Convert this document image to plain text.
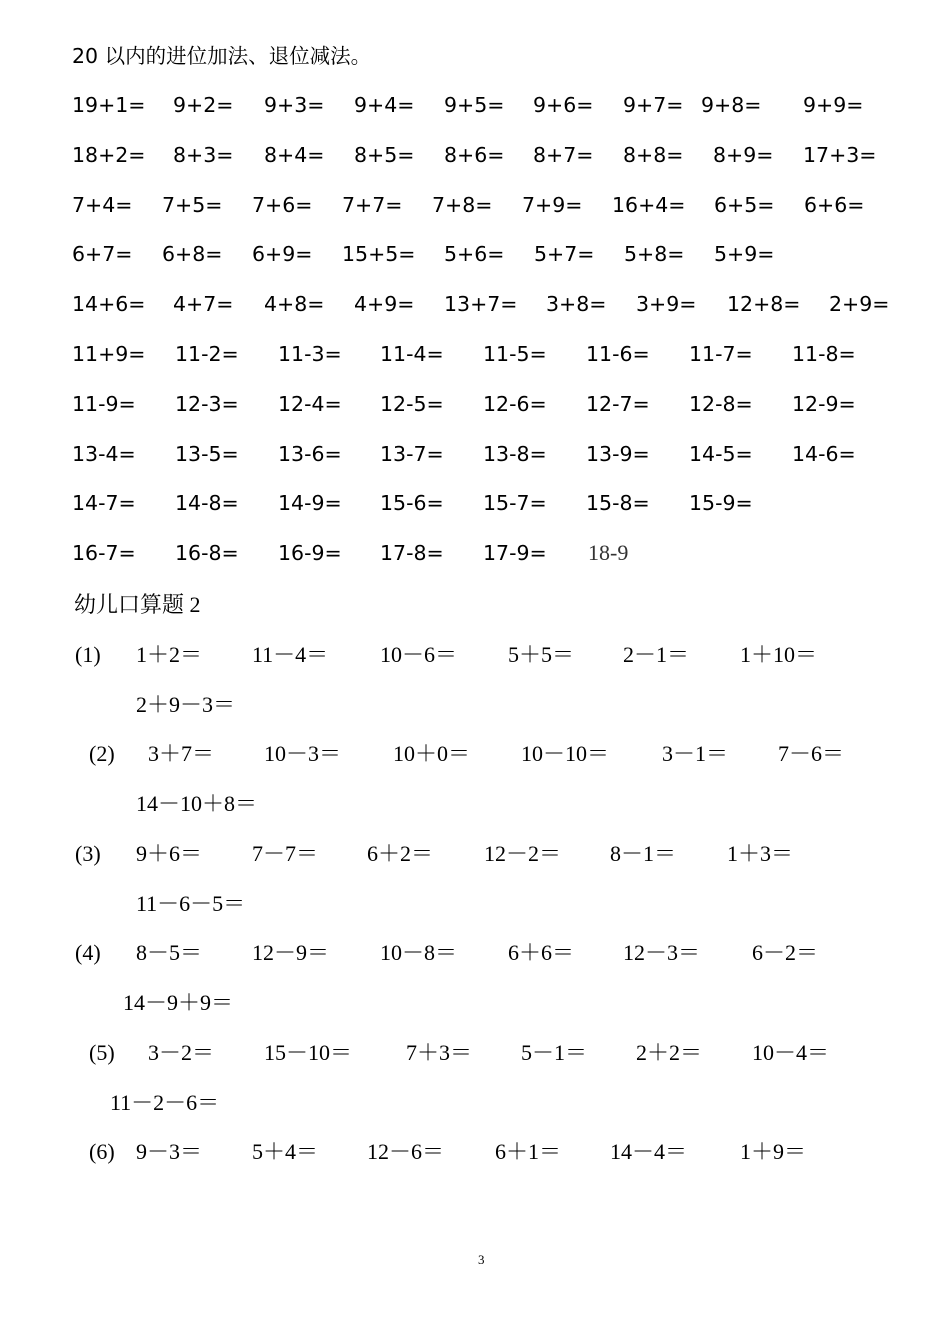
20 以内的进位加法、退位减法。
19+1= 9+2= 9+3= 9+4= 9+5= 9+6= 9+7= 9+8= 9+9=
18+2= 8+3= 8+4= 8+5= 8+6= 8+7= 8+8= 8+9= 17+3=
7+4= 7+5= 7+6= 7+7= 7+8= 7+9= 16+4= 6+5= 6+6=
6+7= 6+8= 6+9= 15+5= 5+6= 5+7= 5+8= 5+9=
14+6= 4+7= 4+8= 4+9= 13+7= 3+8= 3+9= 12+8= 2+9=
11+9= 11-2= 11-3= 11-4= 11-5= 11-6= 11-7= 11-8=
11-9= 12-3= 12-4= 12-5= 12-6= 12-7= 12-8= 12-9=
13-4= 13-5= 13-6= 13-7= 13-8= 13-9= 14-5= 14-6=
14-7= 14-8= 14-9= 15-6= 15-7= 15-8= 15-9=
16-7= 16-8= 16-9= 17-8= 17-9= 18-9
幼儿口算题 2
(1) 1＋2＝ 11－4＝ 10－6＝ 5＋5＝ 2－1＝ 1＋10＝
2＋9－3＝
(2) 3＋7＝ 10－3＝ 10＋0＝ 10－10＝ 3－1＝ 7－6＝
14－10＋8＝
(3) 9＋6＝ 7－7＝ 6＋2＝ 12－2＝ 8－1＝ 1＋3＝
11－6－5＝
(4) 8－5＝ 12－9＝ 10－8＝ 6＋6＝ 12－3＝ 6－2＝
14－9＋9＝
(5) 3－2＝ 15－10＝ 7＋3＝ 5－1＝ 2＋2＝ 10－4＝
11－2－6＝
(6) 9－3＝ 5＋4＝ 12－6＝ 6＋1＝ 14－4＝ 1＋9＝
3
